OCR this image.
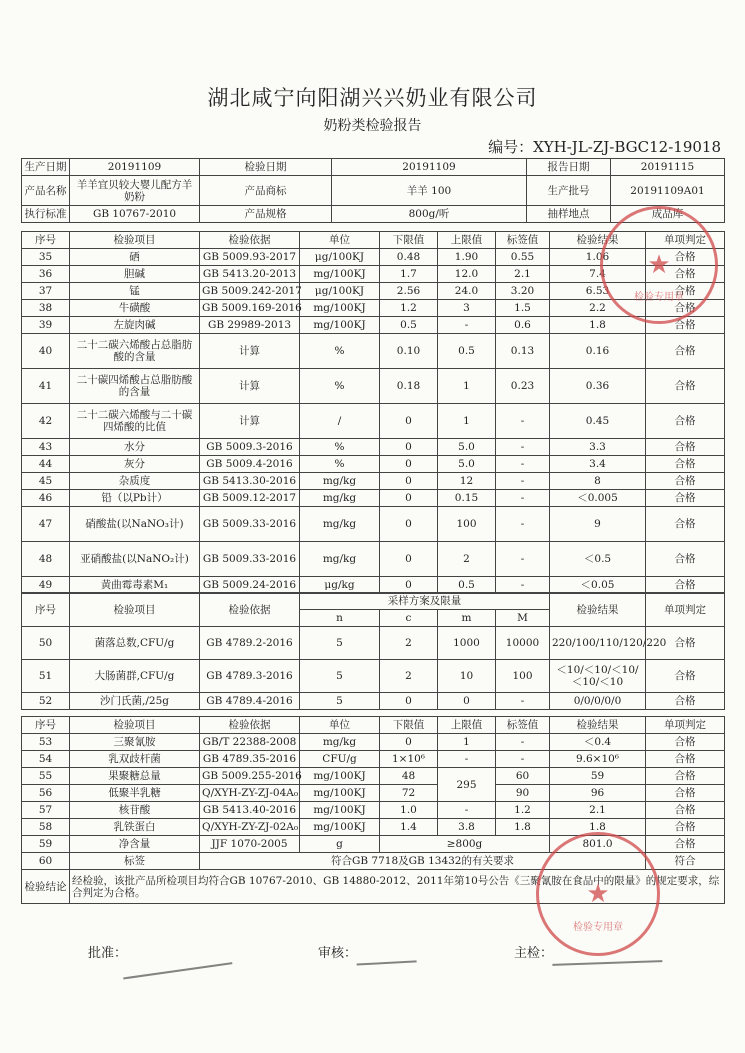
湖北咸宁向阳湖兴兴奶业有限公司
奶粉类检验报告
编号：XYH-JL-ZJ-BGC12-19018
生产日期	20191109	检验日期	20191109	报告日期	20191115
产品名称	羊羊宜贝较大婴儿配方羊奶粉	产品商标	羊羊 100	生产批号	20191109A01
执行标准	GB 10767-2010	产品规格	800g/听	抽样地点	成品库
序号	检验项目	检验依据	单位	下限值	上限值	标签值	检验结果	单项判定
35	硒	GB 5009.93-2017	μg/100KJ	0.48	1.90	0.55	1.06	合格
36	胆碱	GB 5413.20-2013	mg/100KJ	1.7	12.0	2.1	7.4	合格
37	锰	GB 5009.242-2017	μg/100KJ	2.56	24.0	3.20	6.53	合格
38	牛磺酸	GB 5009.169-2016	mg/100KJ	1.2	3	1.5	2.2	合格
39	左旋肉碱	GB 29989-2013	mg/100KJ	0.5	-	0.6	1.8	合格
40	二十二碳六烯酸占总脂肪酸的含量	计算	%	0.10	0.5	0.13	0.16	合格
41	二十碳四烯酸占总脂肪酸的含量	计算	%	0.18	1	0.23	0.36	合格
42	二十二碳六烯酸与二十碳四烯酸的比值	计算	/	0	1	-	0.45	合格
43	水分	GB 5009.3-2016	%	0	5.0	-	3.3	合格
44	灰分	GB 5009.4-2016	%	0	5.0	-	3.4	合格
45	杂质度	GB 5413.30-2016	mg/kg	0	12	-	8	合格
46	铅（以Pb计）	GB 5009.12-2017	mg/kg	0	0.15	-	＜0.005	合格
47	硝酸盐(以NaNO₃计)	GB 5009.33-2016	mg/kg	0	100	-	9	合格
48	亚硝酸盐(以NaNO₂计)	GB 5009.33-2016	mg/kg	0	2	-	＜0.5	合格
49	黄曲霉毒素M₁	GB 5009.24-2016	μg/kg	0	0.5	-	＜0.05	合格
序号	检验项目	检验依据	采样方案及限量				检验结果	单项判定
			n	c	m	M		
50	菌落总数,CFU/g	GB 4789.2-2016	5	2	1000	10000	220/100/110/120/220	合格
51	大肠菌群,CFU/g	GB 4789.3-2016	5	2	10	100	＜10/＜10/＜10/＜10/＜10	合格
52	沙门氏菌,/25g	GB 4789.4-2016	5	0	0	-	0/0/0/0/0	合格
序号	检验项目	检验依据	单位	下限值	上限值	标签值	检验结果	单项判定
53	三聚氰胺	GB/T 22388-2008	mg/kg	0	1	-	＜0.4	合格
54	乳双歧杆菌	GB 4789.35-2016	CFU/g	1×10⁶	-	-	9.6×10⁶	合格
55	果聚糖总量	GB 5009.255-2016	mg/100KJ	48	295	60	59	合格
56	低聚半乳糖	Q/XYH-ZY-ZJ-04A₀	mg/100KJ	72		90	96	合格
57	核苷酸	GB 5413.40-2016	mg/100KJ	1.0	-	1.2	2.1	合格
58	乳铁蛋白	Q/XYH-ZY-ZJ-02A₀	mg/100KJ	1.4	3.8	1.8	1.8	合格
59	净含量	JJF 1070-2005	g	≥800g			801.0	合格
60	标签	符合GB 7718及GB 13432的有关要求						符合
检验结论	经检验，该批产品所检项目均符合GB 10767-2010、GB 14880-2012、2011年第10号公告《三聚氰胺在食品中的限量》的规定要求，综合判定为合格。							
★
检验专用章
★
检验专用章
批准：	审核：	主检：
